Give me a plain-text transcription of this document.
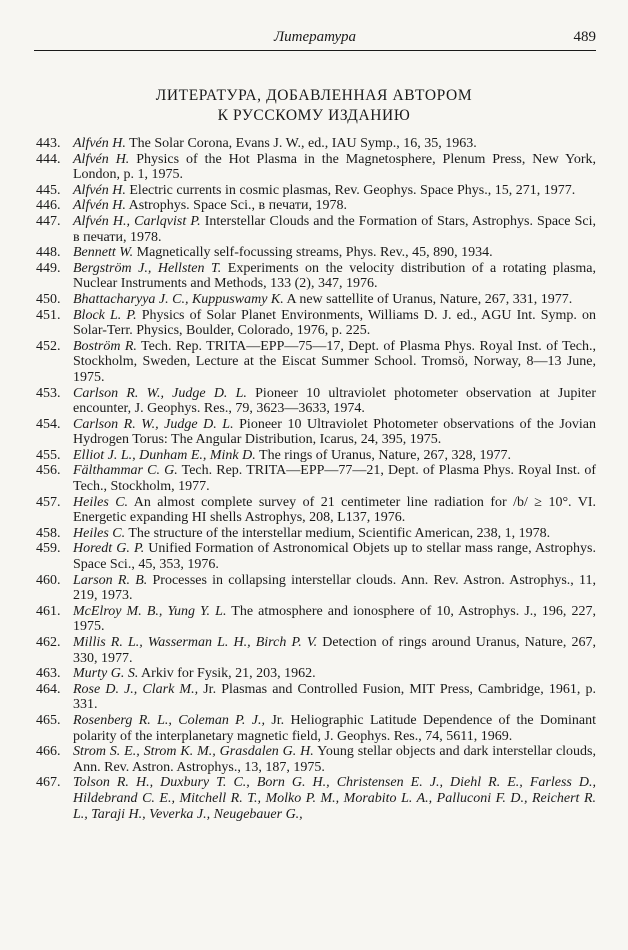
Литература	489
ЛИТЕРАТУРА, ДОБАВЛЕННАЯ АВТОРОМ
К РУССКОМУ ИЗДАНИЮ
443. Alfvén H. The Solar Corona, Evans J. W., ed., IAU Symp., 16, 35, 1963.
444. Alfvén H. Physics of the Hot Plasma in the Magnetosphere, Plenum Press, New York, London, p. 1, 1975.
445. Alfvén H. Electric currents in cosmic plasmas, Rev. Geophys. Space Phys., 15, 271, 1977.
446. Alfvén H. Astrophys. Space Sci., в печати, 1978.
447. Alfvén H., Carlqvist P. Interstellar Clouds and the Formation of Stars, Astrophys. Space Sci, в печати, 1978.
448. Bennett W. Magnetically self-focussing streams, Phys. Rev., 45, 890, 1934.
449. Bergström J., Hellsten T. Experiments on the velocity distribution of a rotating plasma, Nuclear Instruments and Methods, 133 (2), 347, 1976.
450. Bhattacharyya J. C., Kuppuswamy K. A new sattellite of Uranus, Nature, 267, 331, 1977.
451. Block L. P. Physics of Solar Planet Environments, Williams D. J. ed., AGU Int. Symp. on Solar-Terr. Physics, Boulder, Colorado, 1976, p. 225.
452. Boström R. Tech. Rep. TRITA—EPP—75—17, Dept. of Plasma Phys. Royal Inst. of Tech., Stockholm, Sweden, Lecture at the Eiscat Summer School. Tromsö, Norway, 8—13 June, 1975.
453. Carlson R. W., Judge D. L. Pioneer 10 ultraviolet photometer observation at Jupiter encounter, J. Geophys. Res., 79, 3623—3633, 1974.
454. Carlson R. W., Judge D. L. Pioneer 10 Ultraviolet Photometer observations of the Jovian Hydrogen Torus: The Angular Distribution, Icarus, 24, 395, 1975.
455. Elliot J. L., Dunham E., Mink D. The rings of Uranus, Nature, 267, 328, 1977.
456. Fälthammar C. G. Tech. Rep. TRITA—EPP—77—21, Dept. of Plasma Phys. Royal Inst. of Tech., Stockholm, 1977.
457. Heiles C. An almost complete survey of 21 centimeter line radiation for /b/ ≥ 10°. VI. Energetic expanding HI shells Astrophys, 208, L137, 1976.
458. Heiles C. The structure of the interstellar medium, Scientific American, 238, 1, 1978.
459. Horedt G. P. Unified Formation of Astronomical Objets up to stellar mass range, Astrophys. Space Sci., 45, 353, 1976.
460. Larson R. B. Processes in collapsing interstellar clouds. Ann. Rev. Astron. Astrophys., 11, 219, 1973.
461. McElroy M. B., Yung Y. L. The atmosphere and ionosphere of 10, Astrophys. J., 196, 227, 1975.
462. Millis R. L., Wasserman L. H., Birch P. V. Detection of rings around Uranus, Nature, 267, 330, 1977.
463. Murty G. S. Arkiv for Fysik, 21, 203, 1962.
464. Rose D. J., Clark M., Jr. Plasmas and Controlled Fusion, MIT Press, Cambridge, 1961, p. 331.
465. Rosenberg R. L., Coleman P. J., Jr. Heliographic Latitude Dependence of the Dominant polarity of the interplanetary magnetic field, J. Geophys. Res., 74, 5611, 1969.
466. Strom S. E., Strom K. M., Grasdalen G. H. Young stellar objects and dark interstellar clouds, Ann. Rev. Astron. Astrophys., 13, 187, 1975.
467. Tolson R. H., Duxbury T. C., Born G. H., Christensen E. J., Diehl R. E., Farless D., Hildebrand C. E., Mitchell R. T., Molko P. M., Morabito L. A., Palluconi F. D., Reichert R. L., Taraji H., Veverka J., Neugebauer G.,
